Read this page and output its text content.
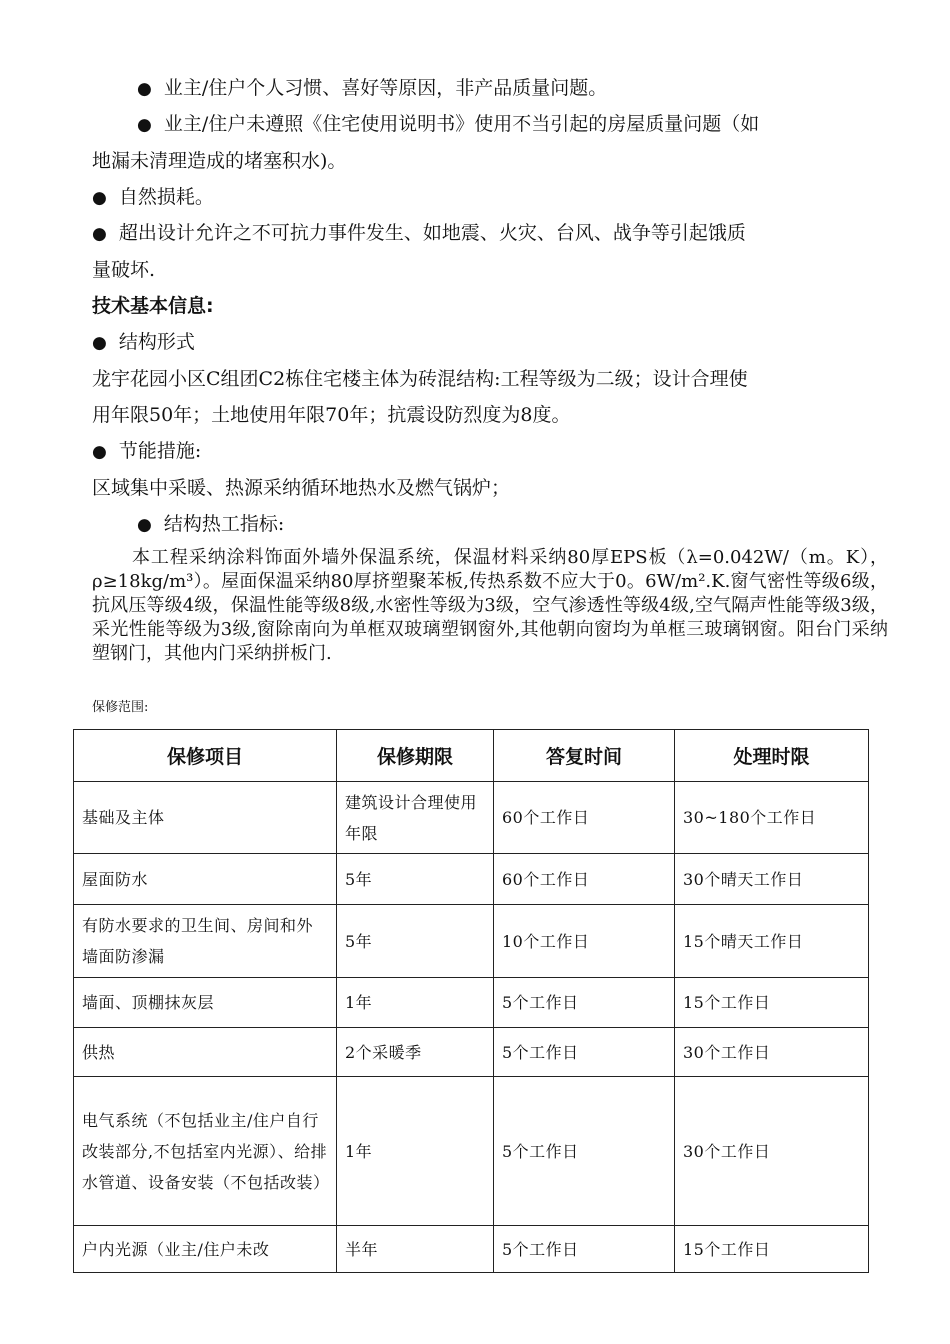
● 业主/住户个人习惯、喜好等原因，非产品质量问题。
● 业主/住户未遵照《住宅使用说明书》使用不当引起的房屋质量问题（如
地漏未清理造成的堵塞积水)。
● 自然损耗。
● 超出设计允许之不可抗力事件发生、如地震、火灾、台风、战争等引起饿质
量破坏.
技术基本信息:
● 结构形式
龙宇花园小区C组团C2栋住宅楼主体为砖混结构:工程等级为二级；设计合理使
用年限50年；土地使用年限70年；抗震设防烈度为8度。
● 节能措施:
区域集中采暖、热源采纳循环地热水及燃气锅炉；
● 结构热工指标:
本工程采纳涂料饰面外墙外保温系统，保温材料采纳80厚EPS板（λ=0.042W/（m。K），ρ≥18kg/m³）。屋面保温采纳80厚挤塑聚苯板,传热系数不应大于0。6W/m².K.窗气密性等级6级，抗风压等级4级，保温性能等级8级,水密性等级为3级，空气渗透性等级4级,空气隔声性能等级3级，采光性能等级为3级,窗除南向为单框双玻璃塑钢窗外,其他朝向窗均为单框三玻璃钢窗。阳台门采纳塑钢门，其他内门采纳拼板门.
保修范围:
保修项目	保修期限	答复时间	处理时限
基础及主体	建筑设计合理使用年限	60个工作日	30~180个工作日
屋面防水	5年	60个工作日	30个晴天工作日
有防水要求的卫生间、房间和外墙面防渗漏	5年	10个工作日	15个晴天工作日
墙面、顶棚抹灰层	1年	5个工作日	15个工作日
供热	2个采暖季	5个工作日	30个工作日
电气系统（不包括业主/住户自行改装部分,不包括室内光源）、给排水管道、设备安装（不包括改装）	1年	5个工作日	30个工作日
户内光源（业主/住户未改	半年	5个工作日	15个工作日
